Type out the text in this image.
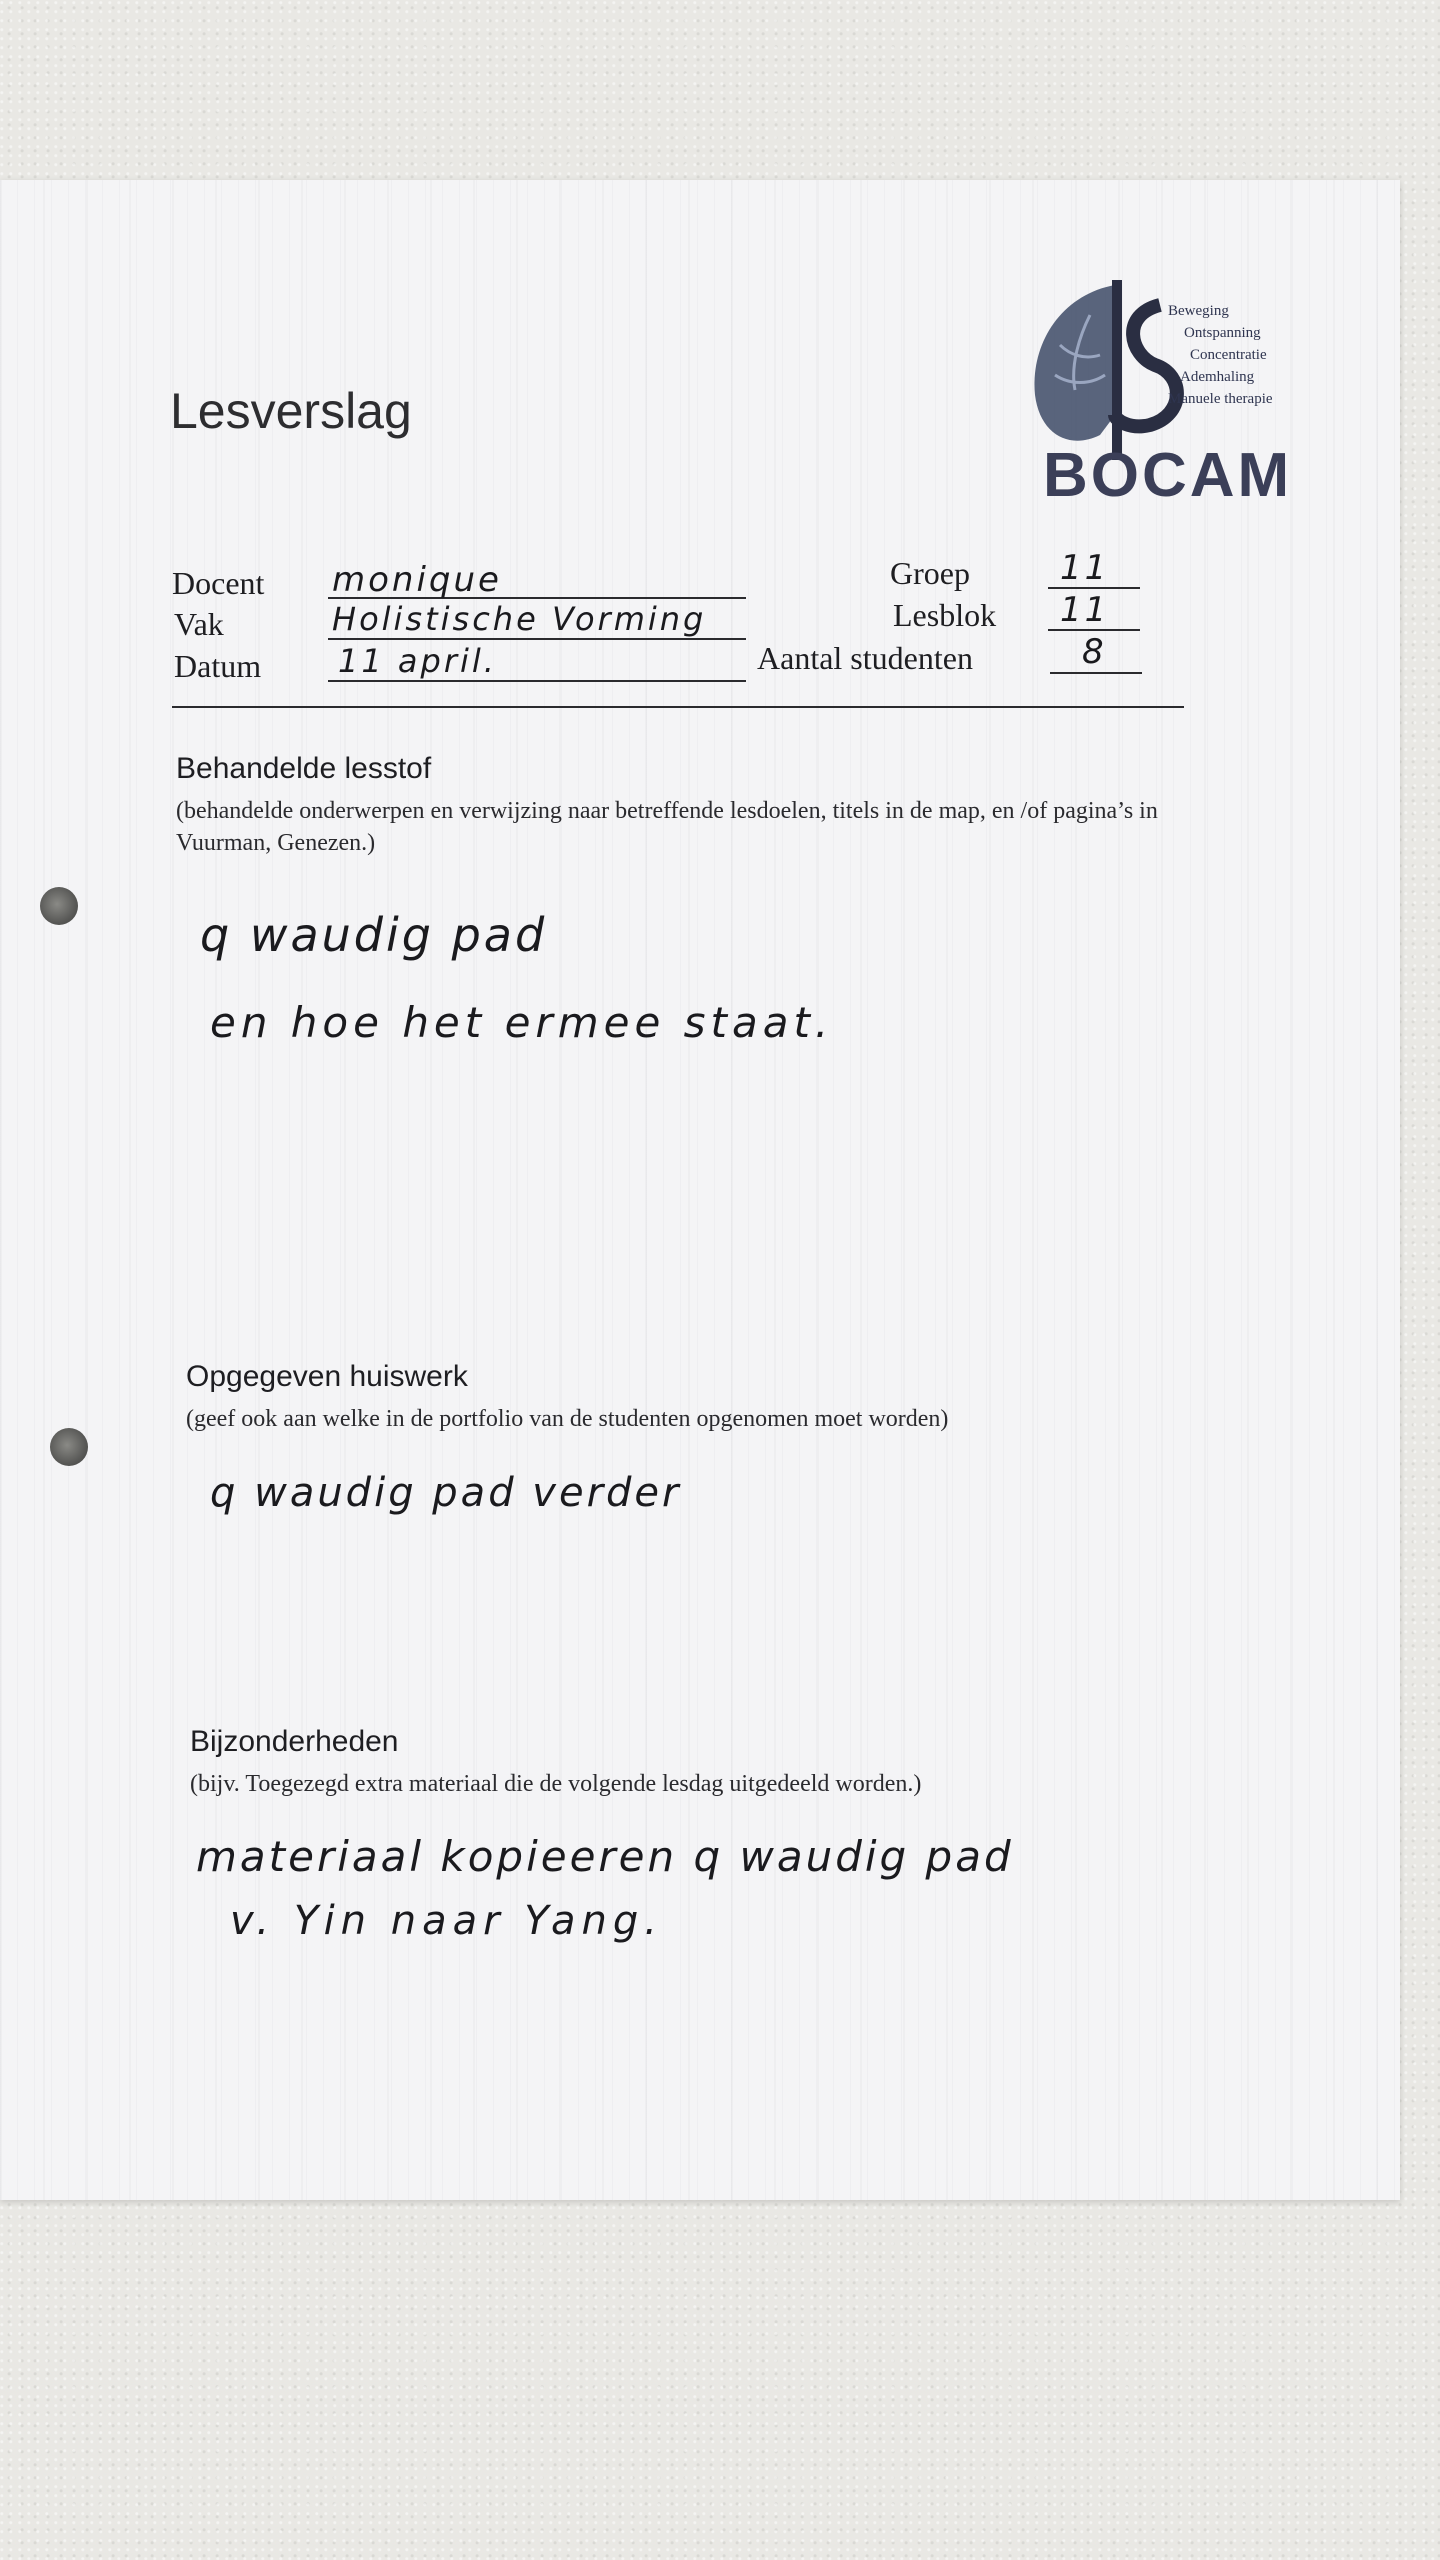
Lesverslag
Beweging
Ontspanning
Concentratie
Ademhaling
Manuele therapie
BOCAM
Docent monique
Vak	Holistische Vorming
Datum 11 april.
Groep	11
Lesblok 11
Aantal studenten	8
Behandelde lesstof
(behandelde onderwerpen en verwijzing naar betreffende lesdoelen, titels in de map, en /of pagina’s in Vuurman, Genezen.)
q waudig pad
en hoe het ermee staat.
Opgegeven huiswerk
(geef ook aan welke in de portfolio van de studenten opgenomen moet worden)
q waudig pad verder
Bijzonderheden
(bijv. Toegezegd extra materiaal die de volgende lesdag uitgedeeld worden.)
materiaal kopieeren q waudig pad
v. Yin naar Yang.
